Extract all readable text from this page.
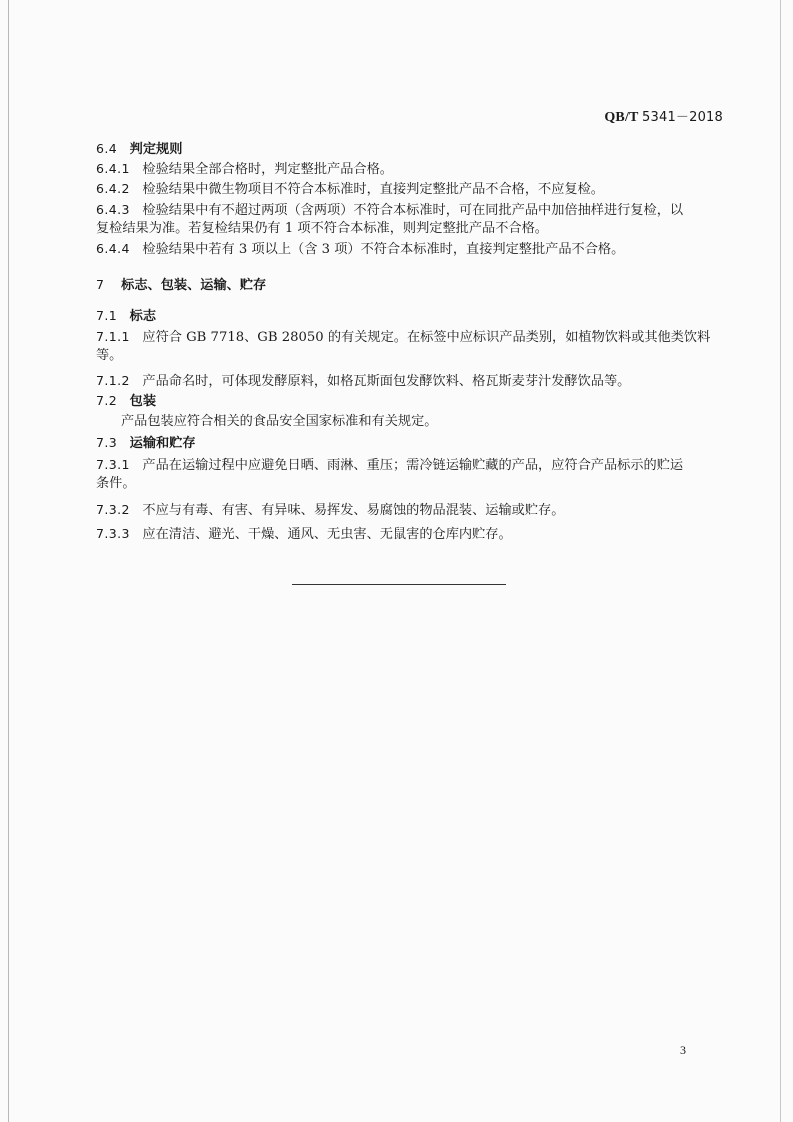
QB/T 5341－2018
6.4 判定规则
6.4.1 检验结果全部合格时，判定整批产品合格。
6.4.2 检验结果中微生物项目不符合本标准时，直接判定整批产品不合格，不应复检。
6.4.3 检验结果中有不超过两项（含两项）不符合本标准时，可在同批产品中加倍抽样进行复检，以
复检结果为准。若复检结果仍有 1 项不符合本标准，则判定整批产品不合格。
6.4.4 检验结果中若有 3 项以上（含 3 项）不符合本标准时，直接判定整批产品不合格。
7 标志、包装、运输、贮存
7.1 标志
7.1.1 应符合 GB 7718、GB 28050 的有关规定。在标签中应标识产品类别，如植物饮料或其他类饮料
等。
7.1.2 产品命名时，可体现发酵原料，如格瓦斯面包发酵饮料、格瓦斯麦芽汁发酵饮品等。
7.2 包装
产品包装应符合相关的食品安全国家标准和有关规定。
7.3 运输和贮存
7.3.1 产品在运输过程中应避免日晒、雨淋、重压；需冷链运输贮藏的产品，应符合产品标示的贮运
条件。
7.3.2 不应与有毒、有害、有异味、易挥发、易腐蚀的物品混装、运输或贮存。
7.3.3 应在清洁、避光、干燥、通风、无虫害、无鼠害的仓库内贮存。
3
